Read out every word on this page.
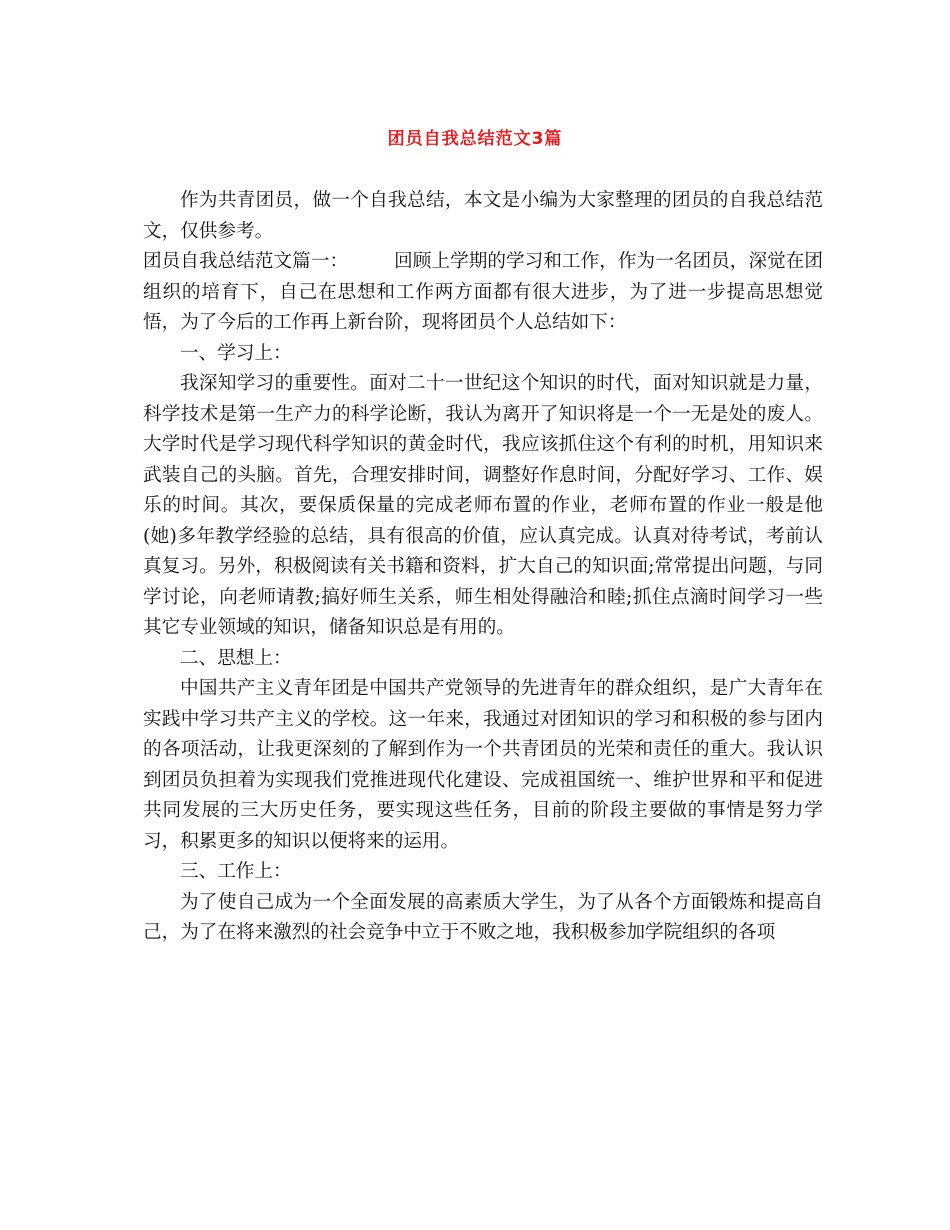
团员自我总结范文3篇

作为共青团员，做一个自我总结，本文是小编为大家整理的团员的自我总结范文，仅供参考。

团员自我总结范文篇一： 回顾上学期的学习和工作，作为一名团员，深觉在团组织的培育下，自己在思想和工作两方面都有很大进步，为了进一步提高思想觉悟，为了今后的工作再上新台阶，现将团员个人总结如下：

一、学习上：

我深知学习的重要性。面对二十一世纪这个知识的时代，面对知识就是力量，科学技术是第一生产力的科学论断，我认为离开了知识将是一个一无是处的废人。大学时代是学习现代科学知识的黄金时代，我应该抓住这个有利的时机，用知识来武装自己的头脑。首先，合理安排时间，调整好作息时间，分配好学习、工作、娱乐的时间。其次，要保质保量的完成老师布置的作业，老师布置的作业一般是他(她)多年教学经验的总结，具有很高的价值，应认真完成。认真对待考试，考前认真复习。另外，积极阅读有关书籍和资料，扩大自己的知识面;常常提出问题，与同学讨论，向老师请教;搞好师生关系，师生相处得融洽和睦;抓住点滴时间学习一些其它专业领域的知识，储备知识总是有用的。

二、思想上：

中国共产主义青年团是中国共产党领导的先进青年的群众组织，是广大青年在实践中学习共产主义的学校。这一年来，我通过对团知识的学习和积极的参与团内的各项活动，让我更深刻的了解到作为一个共青团员的光荣和责任的重大。我认识到团员负担着为实现我们党推进现代化建设、完成祖国统一、维护世界和平和促进共同发展的三大历史任务，要实现这些任务，目前的阶段主要做的事情是努力学习，积累更多的知识以便将来的运用。

三、工作上：

为了使自己成为一个全面发展的高素质大学生，为了从各个方面锻炼和提高自己，为了在将来激烈的社会竞争中立于不败之地，我积极参加学院组织的各项
